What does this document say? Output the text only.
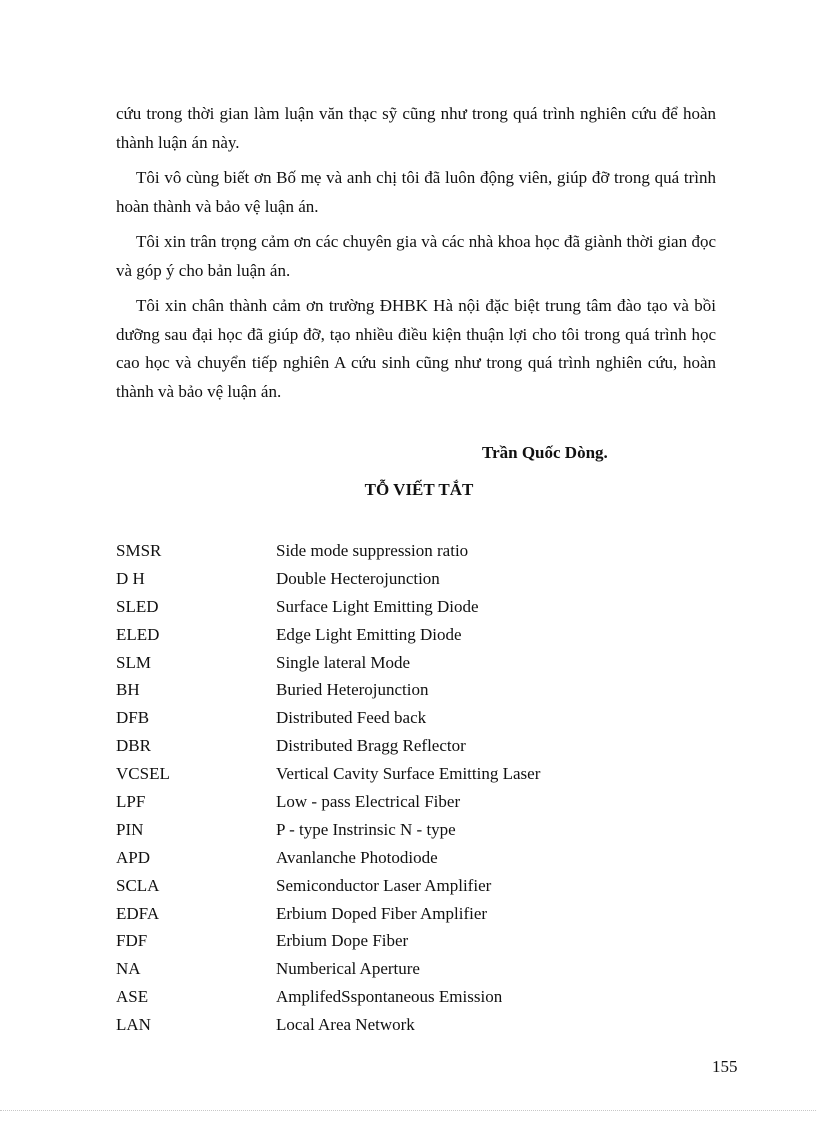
cứu trong thời gian làm luận văn thạc sỹ cũng như trong quá trình nghiên cứu để hoàn thành luận án này.

Tôi vô cùng biết ơn Bố mẹ và anh chị tôi đã luôn động viên, giúp đỡ trong quá trình hoàn thành và bảo vệ luận án.

Tôi xin trân trọng cảm ơn các chuyên gia và các nhà khoa học đã giành thời gian đọc và góp ý cho bản luận án.

Tôi xin chân thành cảm ơn trường ĐHBK Hà nội đặc biệt trung tâm đào tạo và bồi dưỡng sau đại học đã giúp đỡ, tạo nhiều điều kiện thuận lợi cho tôi trong quá trình học cao học và chuyển tiếp nghiên A cứu sinh cũng như trong quá trình nghiên cứu, hoàn thành và bảo vệ luận án.

Trần Quốc Dòng.
TỖ VIẾT TẮT
SMSR	Side mode suppression ratio
D H	Double Hecterojunction
SLED	Surface Light Emitting Diode
ELED	Edge Light Emitting Diode
SLM	Single lateral Mode
BH	Buried Heterojunction
DFB	Distributed Feed back
DBR	Distributed Bragg Reflector
VCSEL	Vertical Cavity Surface Emitting Laser
LPF	Low - pass Electrical Fiber
PIN	P - type Instrinsic N - type
APD	Avanlanche Photodiode
SCLA	Semiconductor Laser Amplifier
EDFA	Erbium Doped Fiber Amplifier
FDF	Erbium Dope Fiber
NA	Numberical Aperture
ASE	AmplifedSspontaneous Emission
LAN	Local Area Network
155
